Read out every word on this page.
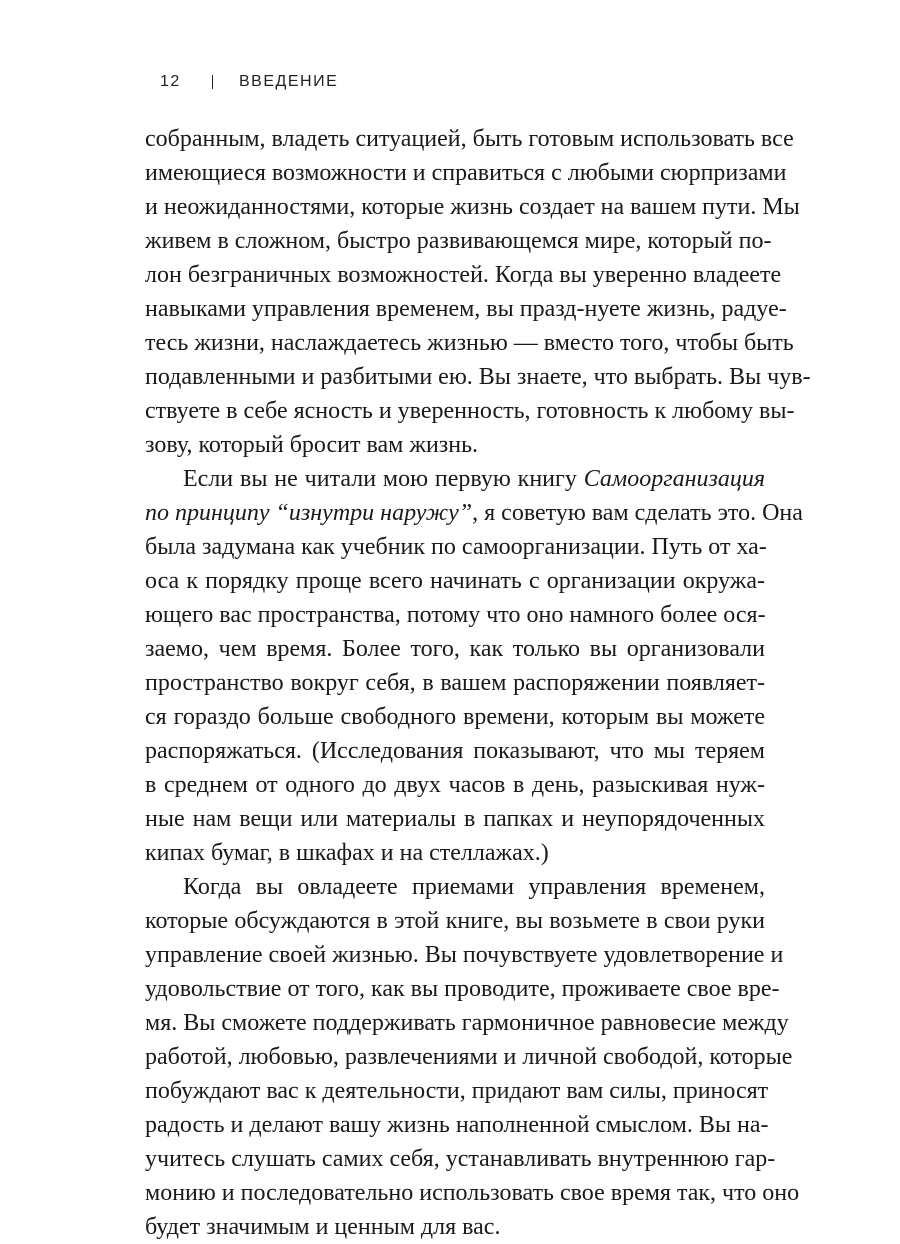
12	ВВЕДЕНИЕ
собранным, владеть ситуацией, быть готовым использовать все
имеющиеся возможности и справиться с любыми сюрпризами
и неожиданностями, которые жизнь создает на вашем пути. Мы
живем в сложном, быстро развивающемся мире, который по-
лон безграничных возможностей. Когда вы уверенно владеете
навыками управления временем, вы празд-нуете жизнь, радуе-
тесь жизни, наслаждаетесь жизнью — вместо того, чтобы быть
подавленными и разбитыми ею. Вы знаете, что выбрать. Вы чув-
ствуете в себе ясность и уверенность, готовность к любому вы-
зову, который бросит вам жизнь.
Если вы не читали мою первую книгу Самоорганизация
по принципу “изнутри наружу”, я советую вам сделать это. Она
была задумана как учебник по самоорганизации. Путь от ха-
оса к порядку проще всего начинать с организации окружа-
ющего вас пространства, потому что оно намного более ося-
заемо, чем время. Более того, как только вы организовали
пространство вокруг себя, в вашем распоряжении появляет-
ся гораздо больше свободного времени, которым вы можете
распоряжаться. (Исследования показывают, что мы теряем
в среднем от одного до двух часов в день, разыскивая нуж-
ные нам вещи или материалы в папках и неупорядоченных
кипах бумаг, в шкафах и на стеллажах.)
Когда вы овладеете приемами управления временем,
которые обсуждаются в этой книге, вы возьмете в свои руки
управление своей жизнью. Вы почувствуете удовлетворение и
удовольствие от того, как вы проводите, проживаете свое вре-
мя. Вы сможете поддерживать гармоничное равновесие между
работой, любовью, развлечениями и личной свободой, которые
побуждают вас к деятельности, придают вам силы, приносят
радость и делают вашу жизнь наполненной смыслом. Вы на-
учитесь слушать самих себя, устанавливать внутреннюю гар-
монию и последовательно использовать свое время так, что оно
будет значимым и ценным для вас.
